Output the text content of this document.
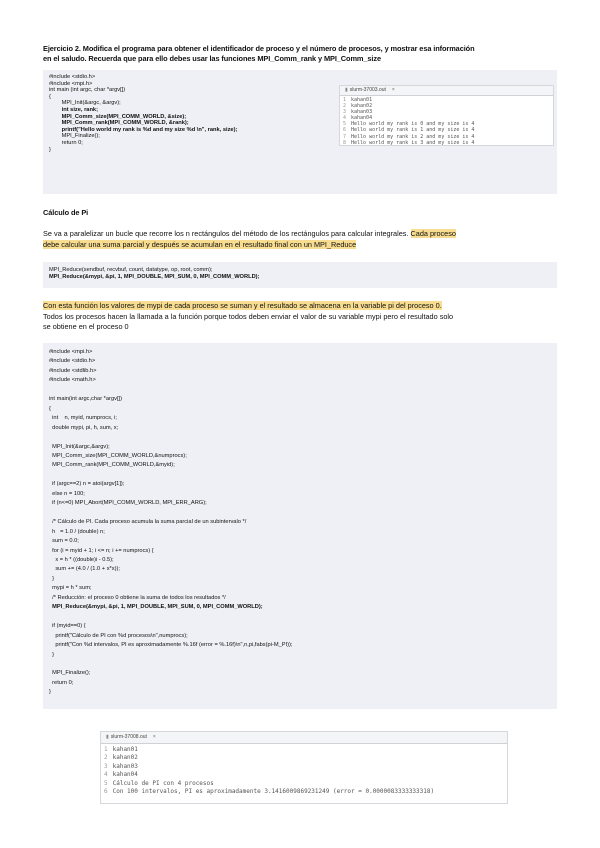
Ejercicio 2. Modifica el programa para obtener el identificador de proceso y el número de procesos, y mostrar esa información
en el saludo. Recuerda que para ello debes usar las funciones MPI_Comm_rank y MPI_Comm_size
#include <stdio.h>
#include <mpi.h>
int main (int argc, char *argv[])
{
MPI_Init(&argc, &argv);
int size, rank;
MPI_Comm_size(MPI_COMM_WORLD, &size);
MPI_Comm_rank(MPI_COMM_WORLD, &rank);
printf("Hello world my rank is %d and my size %d \n", rank, size);
MPI_Finalize();
return 0;
}
▮ slurm-37003.out ×
1 kahan01
2 kahan02
3 kahan03
4 kahan04
5 Hello world my rank is 0 and my size is 4
6 Hello world my rank is 1 and my size is 4
7 Hello world my rank is 2 and my size is 4
8 Hello world my rank is 3 and my size is 4
Cálculo de Pi
Se va a paralelizar un bucle que recorre los n rectángulos del método de los rectángulos para calcular integrales. Cada proceso
debe calcular una suma parcial y después se acumulan en el resultado final con un MPI_Reduce
MPI_Reduce(sendbuf, recvbuf, count, datatype, op, root, comm);
MPI_Reduce(&mypi, &pi, 1, MPI_DOUBLE, MPI_SUM, 0, MPI_COMM_WORLD);
Con esta función los valores de mypi de cada proceso se suman y el resultado se almacena en la variable pi del proceso 0.
Todos los procesos hacen la llamada a la función porque todos deben enviar el valor de su variable mypi pero el resultado solo
se obtiene en el proceso 0
#include <mpi.h>
#include <stdio.h>
#include <stdlib.h>
#include <math.h>

int main(int argc,char *argv[])
{
int    n, myid, numprocs, i;
double mypi, pi, h, sum, x;

MPI_Init(&argc,&argv);
MPI_Comm_size(MPI_COMM_WORLD,&numprocs);
MPI_Comm_rank(MPI_COMM_WORLD,&myid);

if (argc==2) n = atoi(argv[1]);
else n = 100;
if (n<=0) MPI_Abort(MPI_COMM_WORLD, MPI_ERR_ARG);

/* Cálculo de PI. Cada proceso acumula la suma parcial de un subintervalo */
h   = 1.0 / (double) n;
sum = 0.0;
for (i = myid + 1; i <= n; i += numprocs) {
x = h * ((double)i - 0.5);
sum += (4.0 / (1.0 + x*x));
}
mypi = h * sum;
/* Reducción: el proceso 0 obtiene la suma de todos los resultados */
MPI_Reduce(&mypi, &pi, 1, MPI_DOUBLE, MPI_SUM, 0, MPI_COMM_WORLD);

if (myid==0) {
printf("Cálculo de PI con %d procesos\n",numprocs);
printf("Con %d intervalos, PI es aproximadamente %.16f (error = %.16f)\n",n,pi,fabs(pi-M_PI));
}

MPI_Finalize();
return 0;
}
▮ slurm-37008.out ×
1 kahan01
2 kahan02
3 kahan03
4 kahan04
5 Cálculo de PI con 4 procesos
6 Con 100 intervalos, PI es aproximadamente 3.1416009869231249 (error = 0.0000083333333318)
